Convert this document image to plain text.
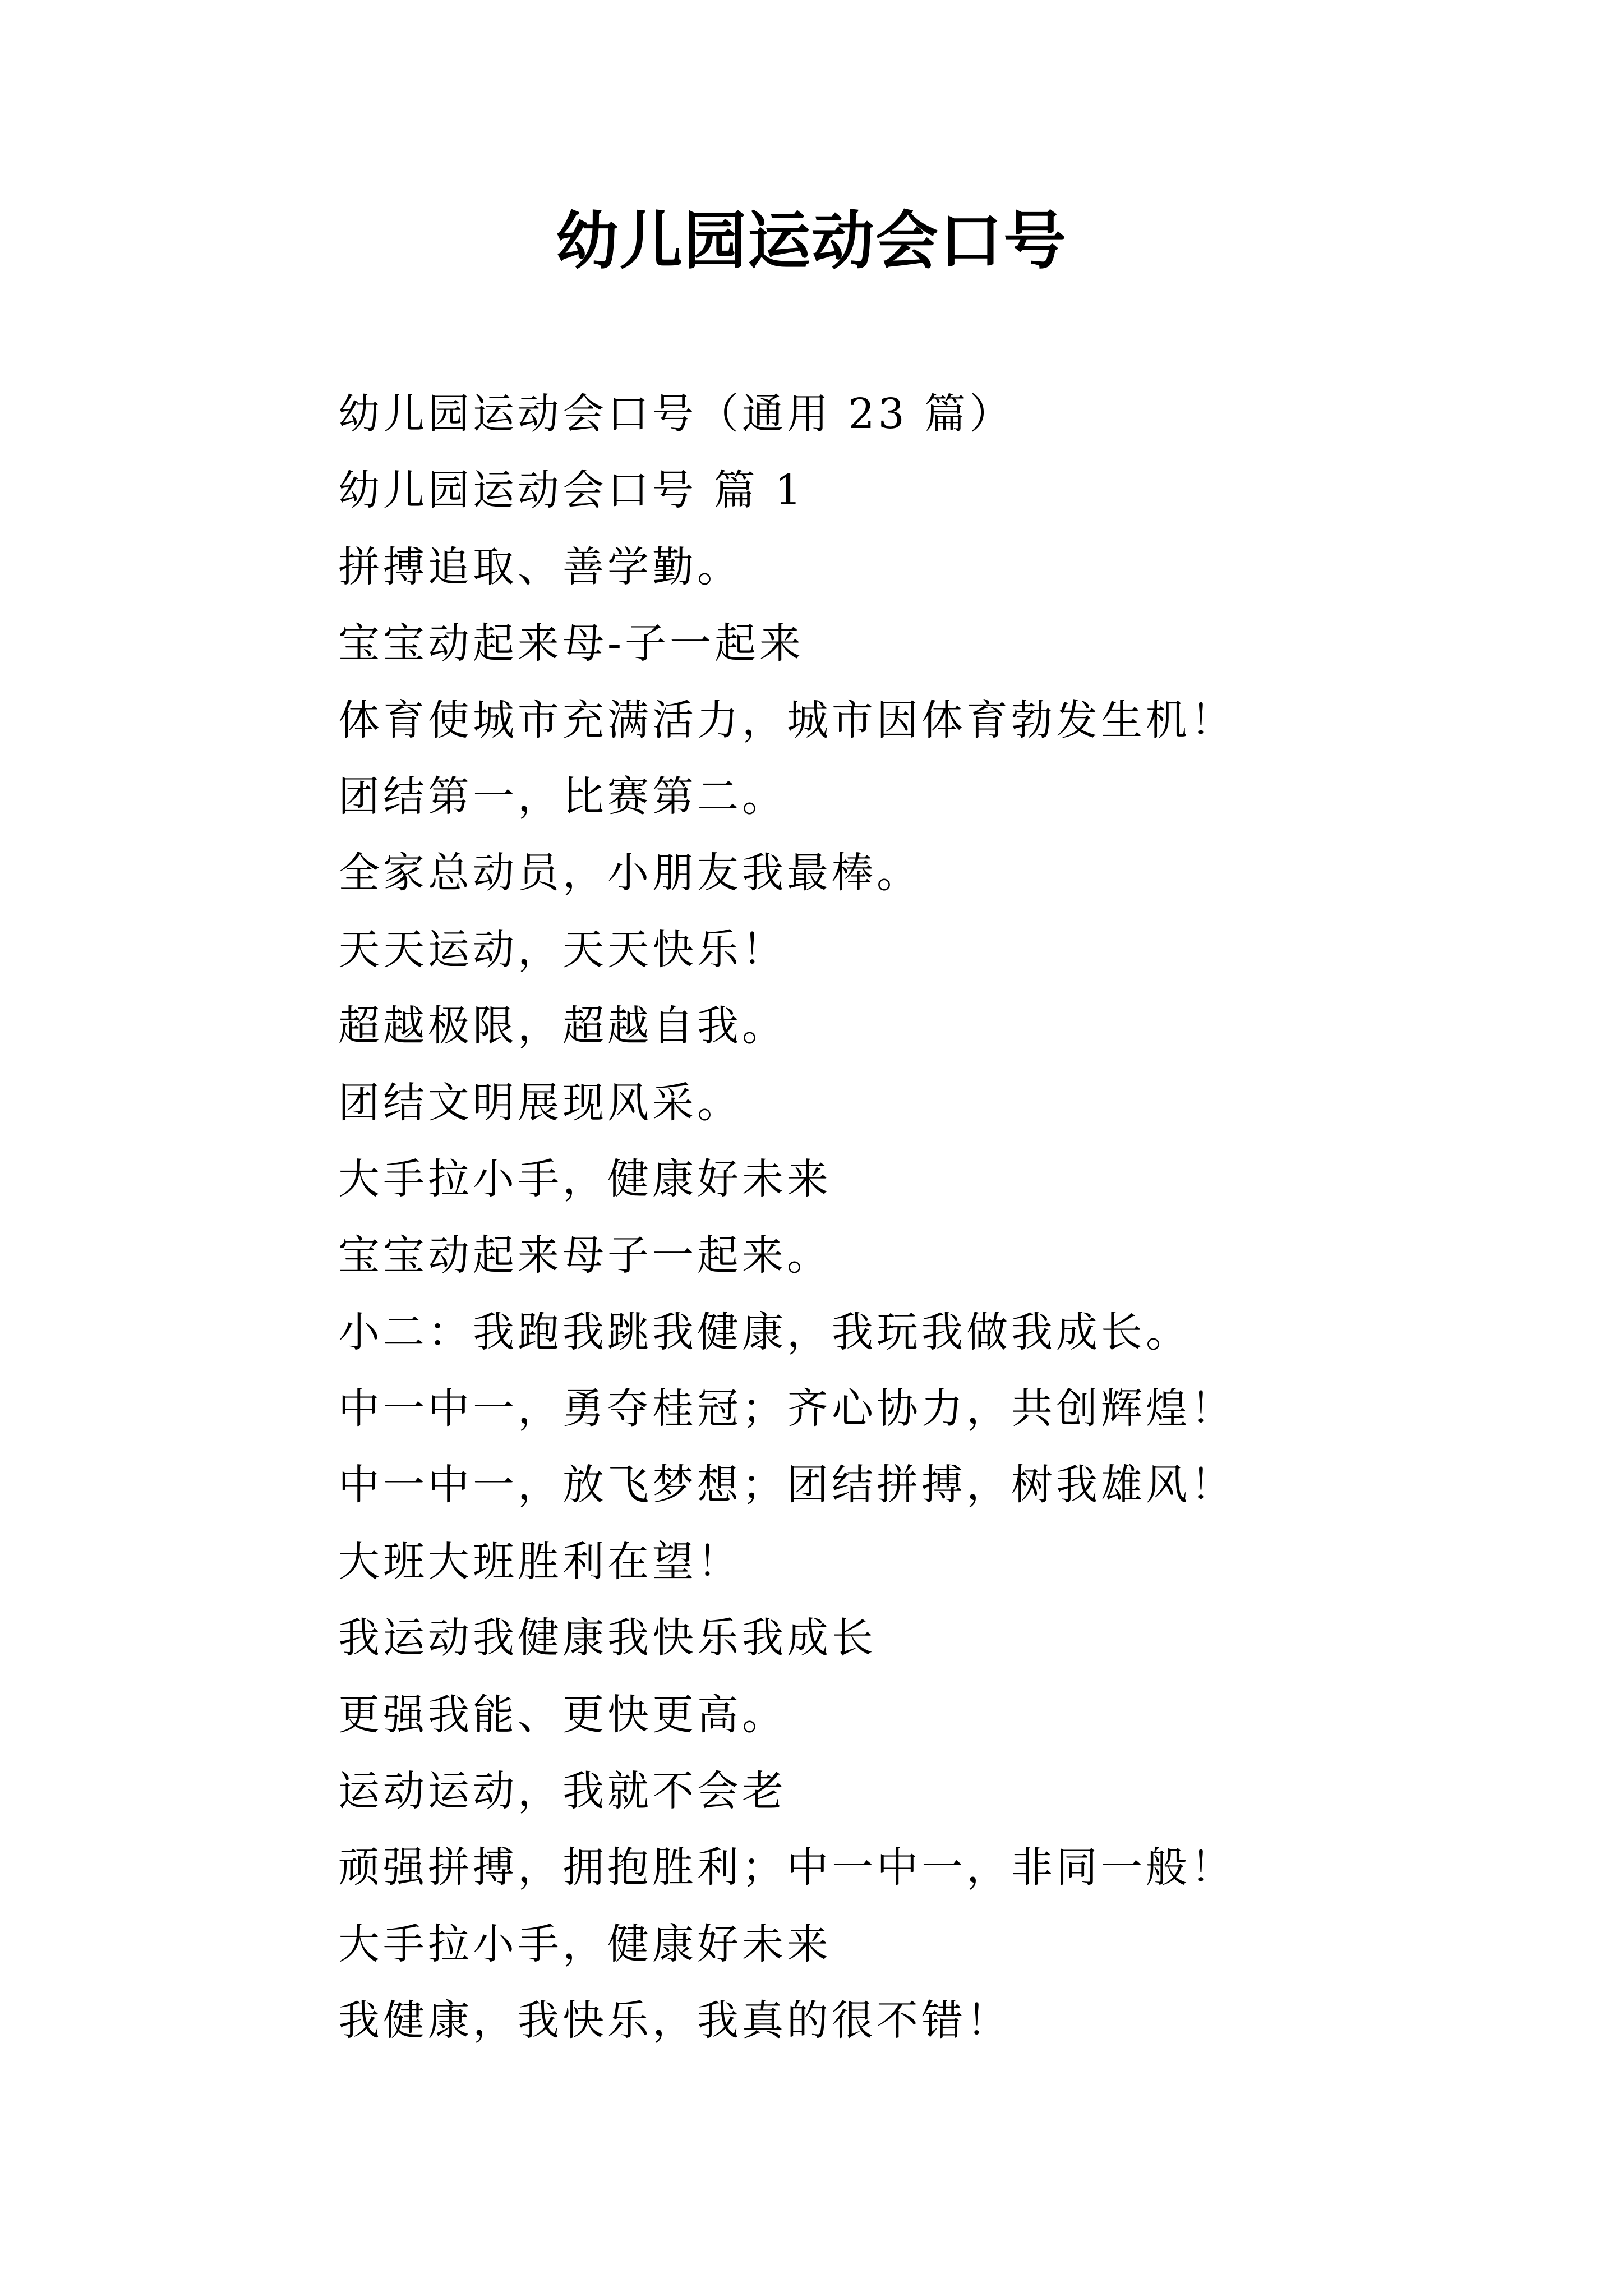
幼儿园运动会口号
幼儿园运动会口号（通用 23 篇）
幼儿园运动会口号 篇 1
拼搏追取、善学勤。
宝宝动起来母-子一起来
体育使城市充满活力，城市因体育勃发生机！
团结第一，比赛第二。
全家总动员，小朋友我最棒。
天天运动，天天快乐！
超越极限，超越自我。
团结文明展现风采。
大手拉小手，健康好未来
宝宝动起来母子一起来。
小二：我跑我跳我健康，我玩我做我成长。
中一中一，勇夺桂冠；齐心协力，共创辉煌！
中一中一，放飞梦想；团结拼搏，树我雄风！
大班大班胜利在望！
我运动我健康我快乐我成长
更强我能、更快更高。
运动运动，我就不会老
顽强拼搏，拥抱胜利；中一中一，非同一般！
大手拉小手，健康好未来
我健康，我快乐，我真的很不错！
